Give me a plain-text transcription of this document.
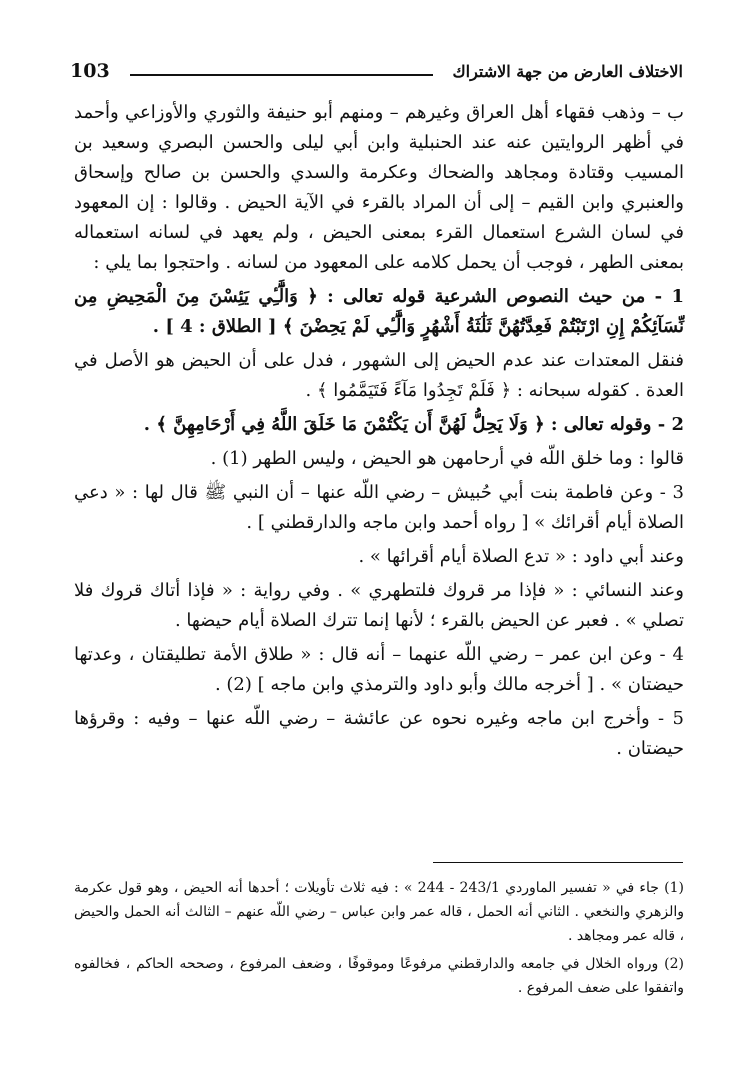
الاختلاف العارض من جهة الاشتراك
103

ب – وذهب فقهاء أهل العراق وغيرهم – ومنهم أبو حنيفة والثوري والأوزاعي وأحمد في أظهر الروايتين عنه عند الحنبلية وابن أبي ليلى والحسن البصري وسعيد بن المسيب وقتادة ومجاهد والضحاك وعكرمة والسدي والحسن بن صالح وإسحاق والعنبري وابن القيم – إلى أن المراد بالقرء في الآية الحيض . وقالوا : إن المعهود في لسان الشرع استعمال القرء بمعنى الحيض ، ولم يعهد في لسانه استعماله بمعنى الطهر ، فوجب أن يحمل كلامه على المعهود من لسانه . واحتجوا بما يلي :

1 - من حيث النصوص الشرعية قوله تعالى : ﴿ وَالَّٰٓـِٔي يَئِسْنَ مِنَ الْمَحِيضِ مِن نِّسَآئِكُمْ إِنِ ارْتَبْتُمْ فَعِدَّتُهُنَّ ثَلَٰثَةُ أَشْهُرٍ وَالَّٰٓـِٔي لَمْ يَحِضْنَ ﴾ [ الطلاق : 4 ] .

فنقل المعتدات عند عدم الحيض إلى الشهور ، فدل على أن الحيض هو الأصل في العدة . كقوله سبحانه : ﴿ فَلَمْ تَجِدُوا مَآءً فَتَيَمَّمُوا ﴾ .

2 - وقوله تعالى : ﴿ وَلَا يَحِلُّ لَهُنَّ أَن يَكْتُمْنَ مَا خَلَقَ اللَّهُ فِي أَرْحَامِهِنَّ ﴾ .

قالوا : وما خلق اللّه في أرحامهن هو الحيض ، وليس الطهر (1) .

3 - وعن فاطمة بنت أبي حُبيش – رضي اللّه عنها – أن النبي ﷺ قال لها : « دعي الصلاة أيام أقرائك » [ رواه أحمد وابن ماجه والدارقطني ] .

وعند أبي داود : « تدع الصلاة أيام أقرائها » .

وعند النسائي : « فإذا مر قروك فلتطهري » . وفي رواية : « فإذا أتاك قروك فلا تصلي » . فعبر عن الحيض بالقرء ؛ لأنها إنما تترك الصلاة أيام حيضها .

4 - وعن ابن عمر – رضي اللّه عنهما – أنه قال : « طلاق الأمة تطليقتان ، وعدتها حيضتان » . [ أخرجه مالك وأبو داود والترمذي وابن ماجه ] (2) .

5 - وأخرج ابن ماجه وغيره نحوه عن عائشة – رضي اللّه عنها – وفيه : وقرؤها حيضتان .

(1) جاء في « تفسير الماوردي 243/1 - 244 » : فيه ثلاث تأويلات ؛ أحدها أنه الحيض ، وهو قول عكرمة والزهري والنخعي . الثاني أنه الحمل ، قاله عمر وابن عباس – رضي اللّه عنهم – الثالث أنه الحمل والحيض ، قاله عمر ومجاهد .

(2) ورواه الخلال في جامعه والدارقطني مرفوعًا وموقوفًا ، وضعف المرفوع ، وصححه الحاكم ، فخالفوه واتفقوا على ضعف المرفوع .
